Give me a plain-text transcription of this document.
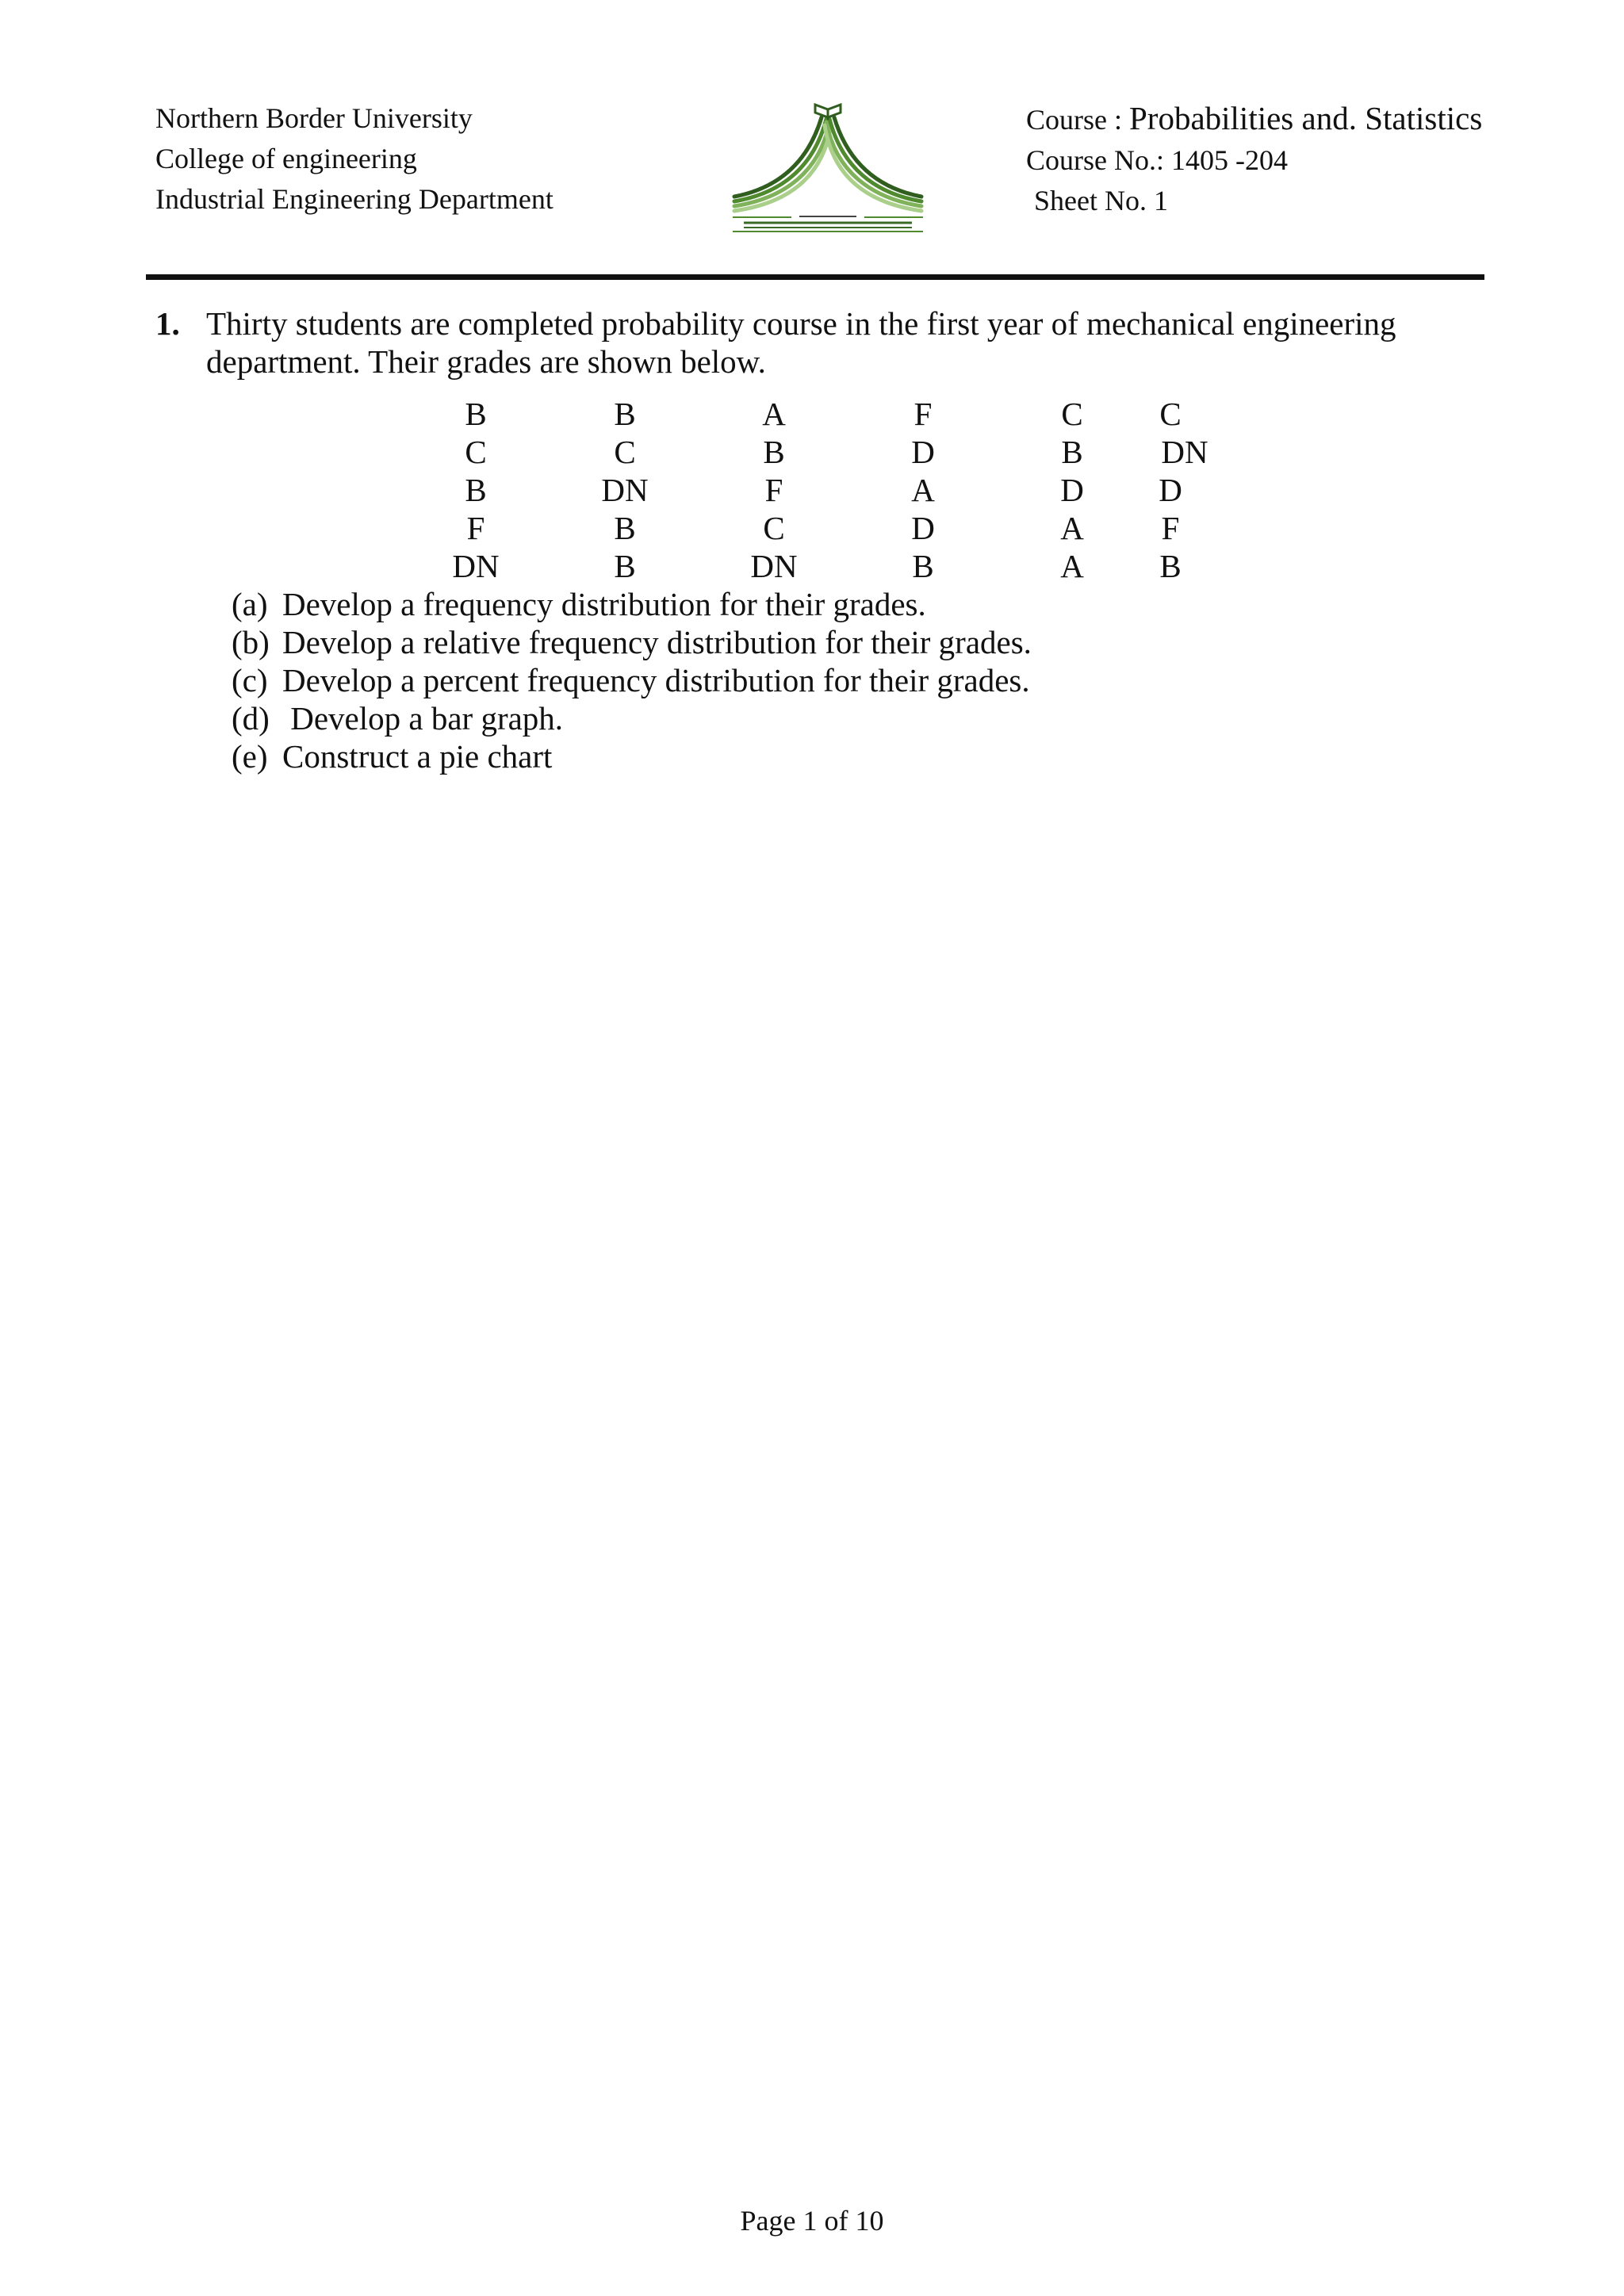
Northern Border University
College of engineering
Industrial Engineering Department
Course : Probabilities and. Statistics
Course No.: 1405 -204
Sheet No. 1
1. Thirty students are completed probability course in the first year of mechanical engineering
department. Their grades are shown below.
B	B	A	F	C C
C	C	B	D	B DN
B	DN	F	A	D D
F	B	C	D	A F
DN	B	DN	B	A B
(a) Develop a frequency distribution for their grades.
(b) Develop a relative frequency distribution for their grades.
(c) Develop a percent frequency distribution for their grades.
(d) Develop a bar graph.
(e) Construct a pie chart
Page 1 of 10
